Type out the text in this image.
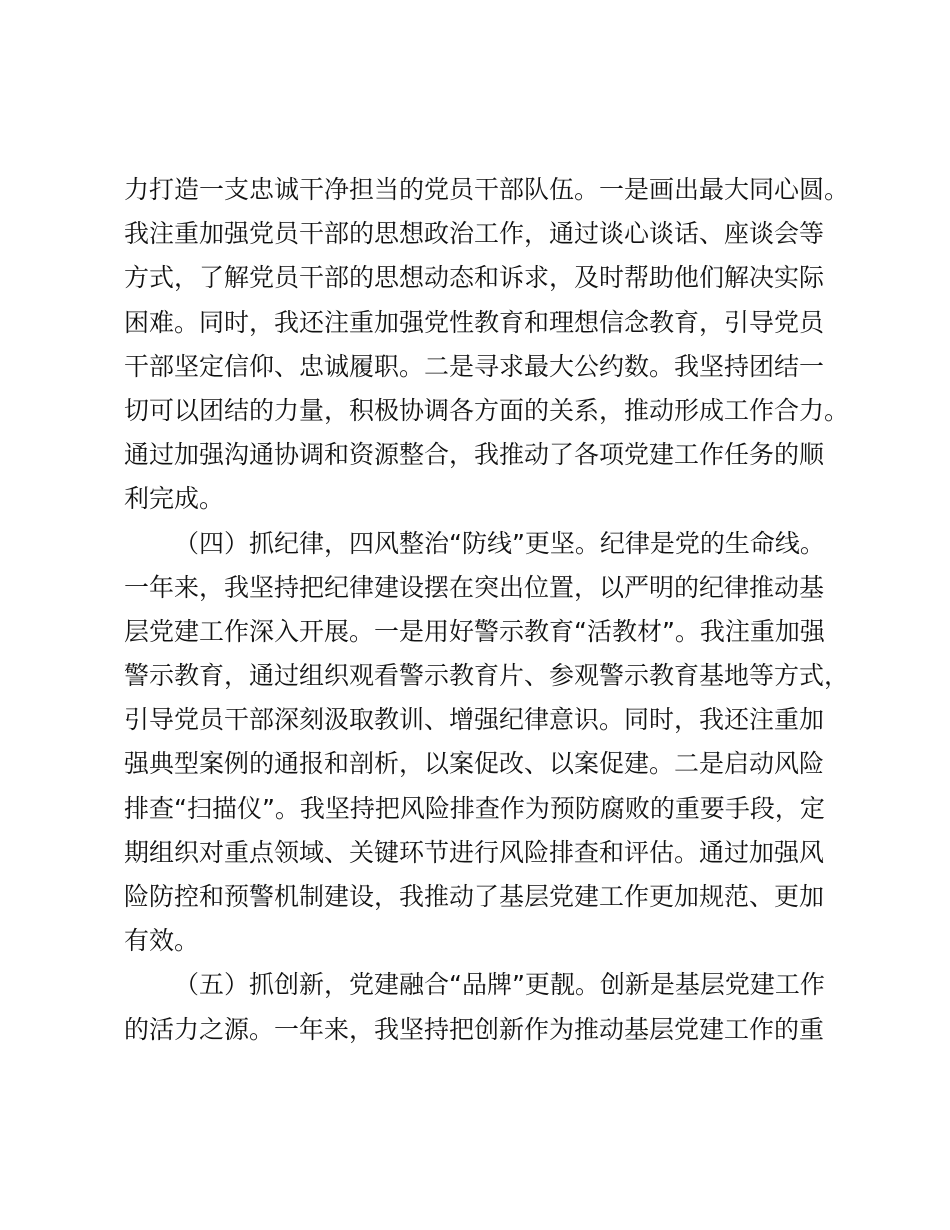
力打造一支忠诚干净担当的党员干部队伍。一是画出最大同心圆。
我注重加强党员干部的思想政治工作，通过谈心谈话、座谈会等
方式，了解党员干部的思想动态和诉求，及时帮助他们解决实际
困难。同时，我还注重加强党性教育和理想信念教育，引导党员
干部坚定信仰、忠诚履职。二是寻求最大公约数。我坚持团结一
切可以团结的力量，积极协调各方面的关系，推动形成工作合力。
通过加强沟通协调和资源整合，我推动了各项党建工作任务的顺
利完成。
（四）抓纪律，四风整治“防线”更坚。纪律是党的生命线。
一年来，我坚持把纪律建设摆在突出位置，以严明的纪律推动基
层党建工作深入开展。一是用好警示教育“活教材”。我注重加强
警示教育，通过组织观看警示教育片、参观警示教育基地等方式，
引导党员干部深刻汲取教训、增强纪律意识。同时，我还注重加
强典型案例的通报和剖析，以案促改、以案促建。二是启动风险
排查“扫描仪”。我坚持把风险排查作为预防腐败的重要手段，定
期组织对重点领域、关键环节进行风险排查和评估。通过加强风
险防控和预警机制建设，我推动了基层党建工作更加规范、更加
有效。
（五）抓创新，党建融合“品牌”更靓。创新是基层党建工作
的活力之源。一年来，我坚持把创新作为推动基层党建工作的重
